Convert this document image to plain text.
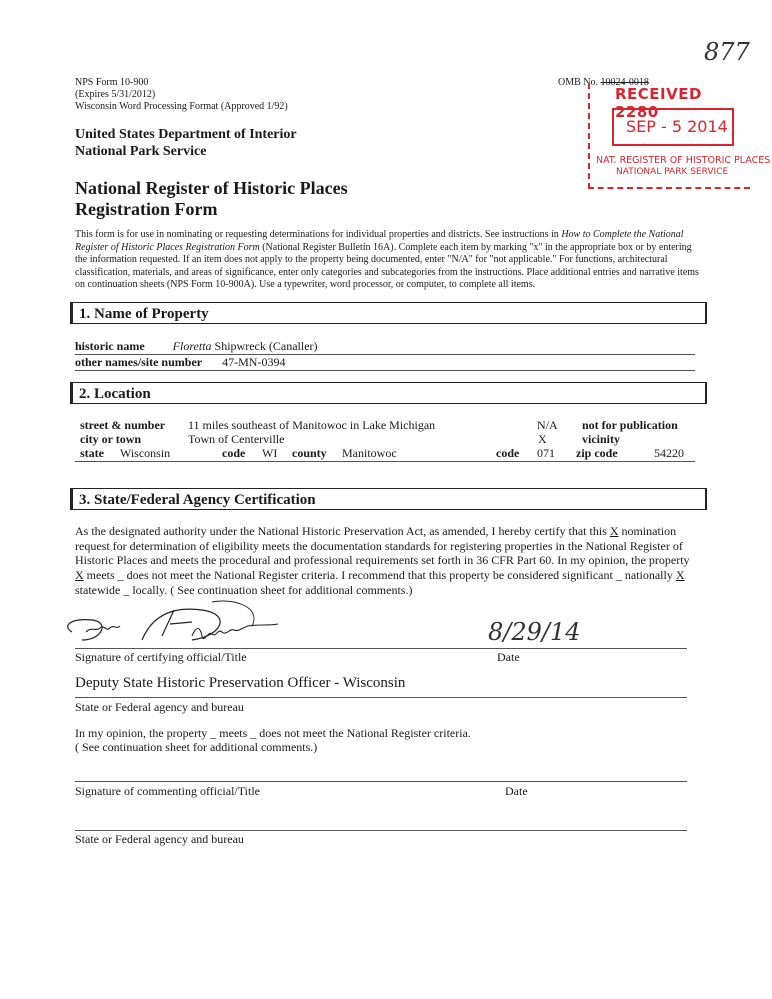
877
NPS Form 10-900
(Expires 5/31/2012)
Wisconsin Word Processing Format (Approved 1/92)
OMB No. 10024-0018
RECEIVED 2280
SEP - 5 2014
NAT. REGISTER OF HISTORIC PLACES
NATIONAL PARK SERVICE
United States Department of Interior
National Park Service
National Register of Historic Places
Registration Form
This form is for use in nominating or requesting determinations for individual properties and districts. See instructions in How to Complete the National Register of Historic Places Registration Form (National Register Bulletin 16A). Complete each item by marking "x" in the appropriate box or by entering the information requested. If an item does not apply to the property being documented, enter "N/A" for "not applicable." For functions, architectural classification, materials, and areas of significance, enter only categories and subcategories from the instructions. Place additional entries and narrative items on continuation sheets (NPS Form 10-900A). Use a typewriter, word processor, or computer, to complete all items.
1. Name of Property
historic name Floretta Shipwreck (Canaller)
other names/site number 47-MN-0394
2. Location
street & number 11 miles southeast of Manitowoc in Lake Michigan	N/A not for publication
city or town	Town of Centerville	X	vicinity
state Wisconsin	code WI county Manitowoc	code 071 zip code	54220
3. State/Federal Agency Certification
As the designated authority under the National Historic Preservation Act, as amended, I hereby certify that this X nomination request for determination of eligibility meets the documentation standards for registering properties in the National Register of Historic Places and meets the procedural and professional requirements set forth in 36 CFR Part 60. In my opinion, the property X meets _ does not meet the National Register criteria. I recommend that this property be considered significant _ nationally X statewide _ locally. ( See continuation sheet for additional comments.)
8/29/14
Signature of certifying official/Title	Date
Deputy State Historic Preservation Officer - Wisconsin
State or Federal agency and bureau
In my opinion, the property _ meets _ does not meet the National Register criteria.
( See continuation sheet for additional comments.)
Signature of commenting official/Title	Date
State or Federal agency and bureau
